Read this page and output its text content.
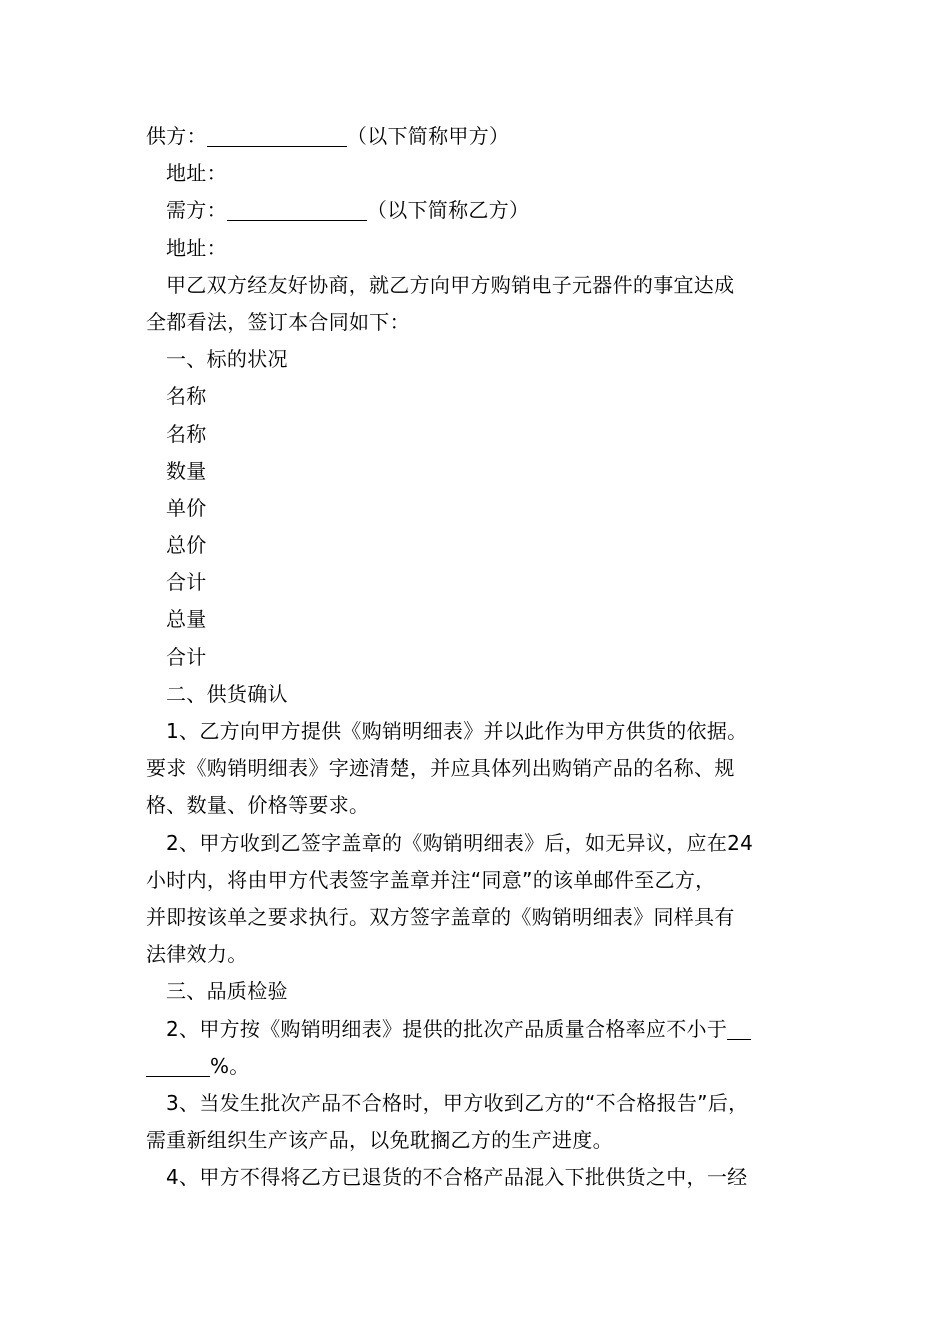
供方：	（以下简称甲方）
地址：
需方：	（以下简称乙方）
地址：
甲乙双方经友好协商，就乙方向甲方购销电子元器件的事宜达成
全都看法，签订本合同如下：
一、标的状况
名称
名称
数量
单价
总价
合计
总量
合计
二、供货确认
1、乙方向甲方提供《购销明细表》并以此作为甲方供货的依据。
要求《购销明细表》字迹清楚，并应具体列出购销产品的名称、规
格、数量、价格等要求。
2、甲方收到乙签字盖章的《购销明细表》后，如无异议，应在24
小时内，将由甲方代表签字盖章并注“同意”的该单邮件至乙方，
并即按该单之要求执行。双方签字盖章的《购销明细表》同样具有
法律效力。
三、品质检验
2、甲方按《购销明细表》提供的批次产品质量合格率应不小于
%。
3、当发生批次产品不合格时，甲方收到乙方的“不合格报告”后，
需重新组织生产该产品，以免耽搁乙方的生产进度。
4、甲方不得将乙方已退货的不合格产品混入下批供货之中，一经
